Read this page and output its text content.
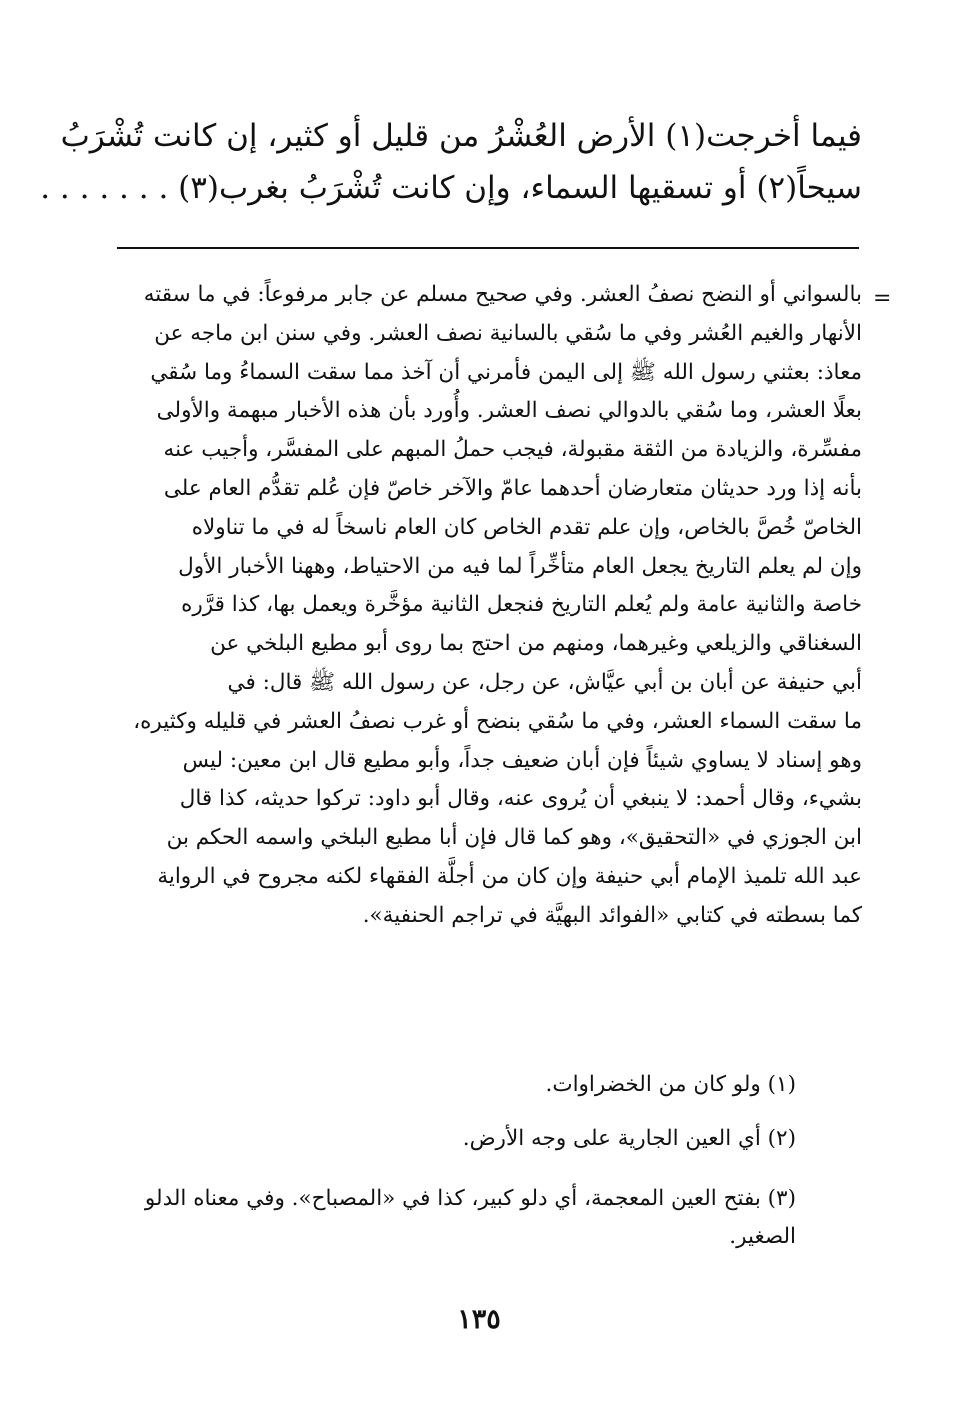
فيما أخرجت(١) الأرض العُشْرُ من قليل أو كثير، إن كانت تُشْرَبُ
سيحاً(٢) أو تسقيها السماء، وإن كانت تُشْرَبُ بغرب(٣) . . . . . . .
=
بالسواني أو النضح نصفُ العشر. وفي صحيح مسلم عن جابر مرفوعاً: في ما سقته
الأنهار والغيم العُشر وفي ما سُقي بالسانية نصف العشر. وفي سنن ابن ماجه عن
معاذ: بعثني رسول الله ﷺ إلى اليمن فأمرني أن آخذ مما سقت السماءُ وما سُقي
بعلًا العشر، وما سُقي بالدوالي نصف العشر. وأُورد بأن هذه الأخبار مبهمة والأولى
مفسِّرة، والزيادة من الثقة مقبولة، فيجب حملُ المبهم على المفسَّر، وأجيب عنه
بأنه إذا ورد حديثان متعارضان أحدهما عامّ والآخر خاصّ فإن عُلم تقدُّم العام على
الخاصّ خُصَّ بالخاص، وإن علم تقدم الخاص كان العام ناسخاً له في ما تناولاه
وإن لم يعلم التاريخ يجعل العام متأخِّراً لما فيه من الاحتياط، وههنا الأخبار الأول
خاصة والثانية عامة ولم يُعلم التاريخ فنجعل الثانية مؤخَّرة ويعمل بها، كذا قرَّره
السغناقي والزيلعي وغيرهما، ومنهم من احتج بما روى أبو مطيع البلخي عن
أبي حنيفة عن أبان بن أبي عيَّاش، عن رجل، عن رسول الله ﷺ قال: في
ما سقت السماء العشر، وفي ما سُقي بنضح أو غرب نصفُ العشر في قليله وكثيره،
وهو إسناد لا يساوي شيئاً فإن أبان ضعيف جداً، وأبو مطيع قال ابن معين: ليس
بشيء، وقال أحمد: لا ينبغي أن يُروى عنه، وقال أبو داود: تركوا حديثه، كذا قال
ابن الجوزي في «التحقيق»، وهو كما قال فإن أبا مطيع البلخي واسمه الحكم بن
عبد الله تلميذ الإمام أبي حنيفة وإن كان من أجلَّة الفقهاء لكنه مجروح في الرواية
كما بسطته في كتابي «الفوائد البهيَّة في تراجم الحنفية».
(١) ولو كان من الخضراوات.
(٢) أي العين الجارية على وجه الأرض.
(٣) بفتح العين المعجمة، أي دلو كبير، كذا في «المصباح». وفي معناه الدلو الصغير.
١٣٥
